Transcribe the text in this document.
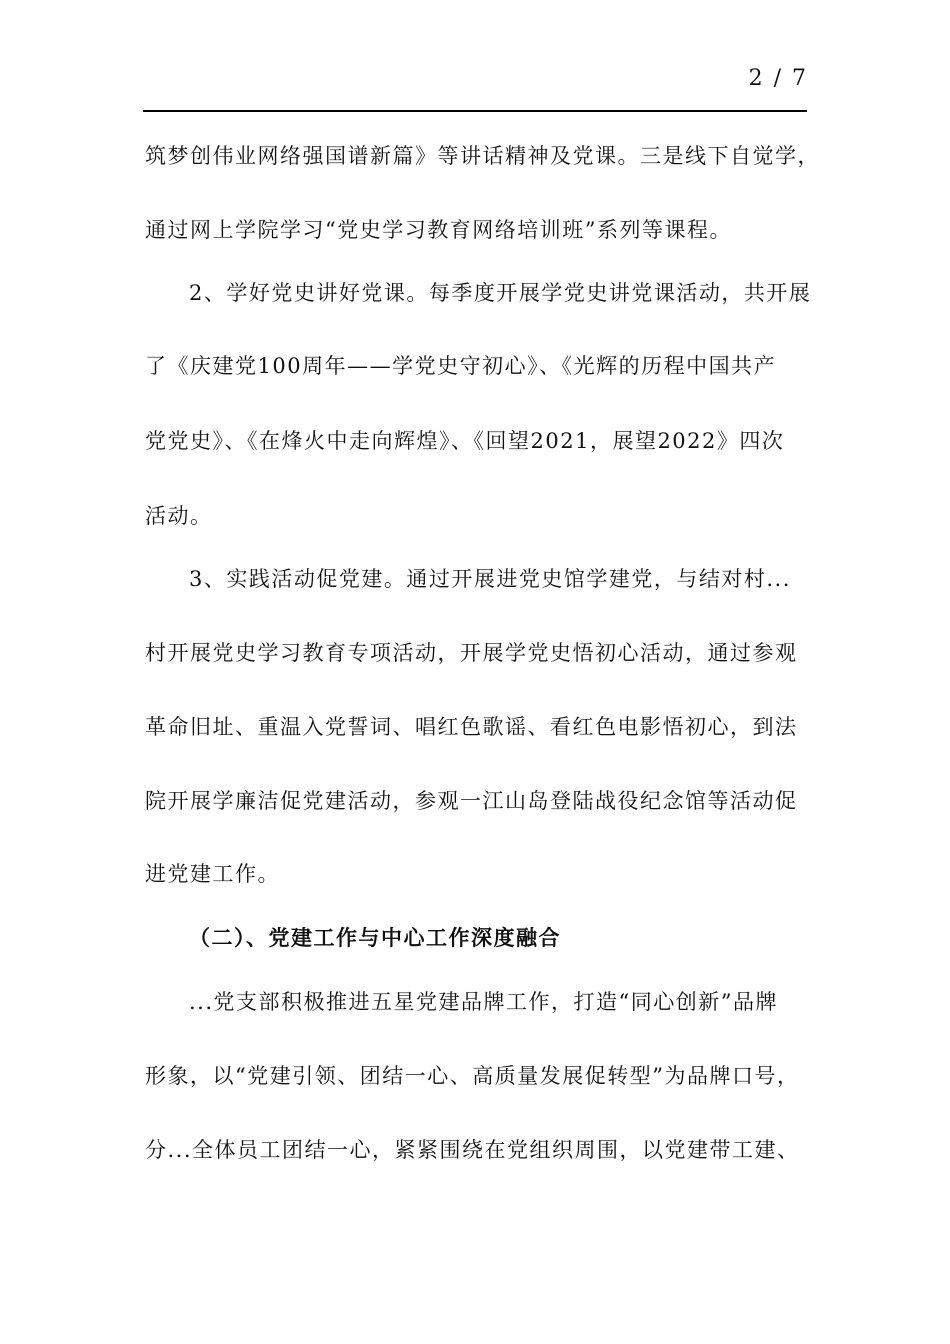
2 / 7
筑梦创伟业网络强国谱新篇》等讲话精神及党课。三是线下自觉学，
通过网上学院学习“党史学习教育网络培训班”系列等课程。
2、学好党史讲好党课。每季度开展学党史讲党课活动，共开展
了《庆建党100周年——学党史守初心》、《光辉的历程中国共产
党党史》、《在烽火中走向辉煌》、《回望2021，展望2022》四次
活动。
3、实践活动促党建。通过开展进党史馆学建党，与结对村...
村开展党史学习教育专项活动，开展学党史悟初心活动，通过参观
革命旧址、重温入党誓词、唱红色歌谣、看红色电影悟初心，到法
院开展学廉洁促党建活动，参观一江山岛登陆战役纪念馆等活动促
进党建工作。
（二）、党建工作与中心工作深度融合
...党支部积极推进五星党建品牌工作，打造“同心创新”品牌
形象，以“党建引领、团结一心、高质量发展促转型”为品牌口号，
分...全体员工团结一心，紧紧围绕在党组织周围，以党建带工建、
